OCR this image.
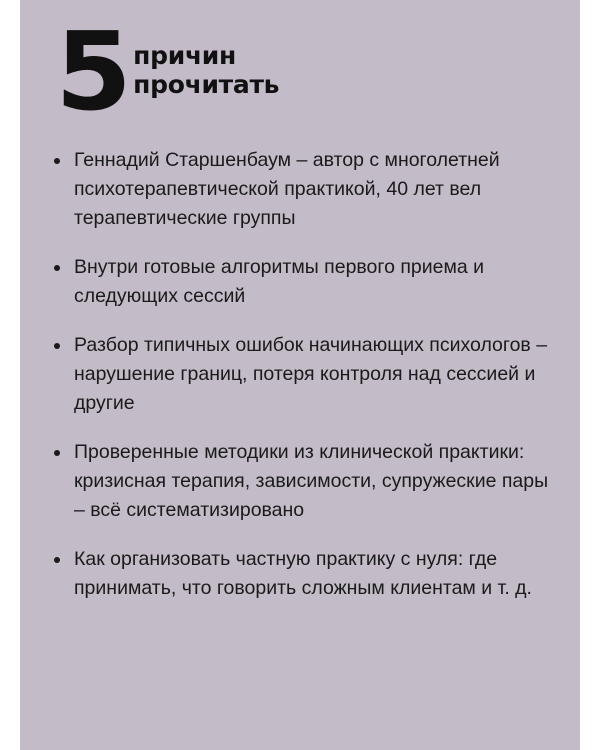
5 причин
прочитать
Геннадий Старшенбаум – автор с многолетней психотерапевтической практикой, 40 лет вел терапевтические группы
Внутри готовые алгоритмы первого приема и следующих сессий
Разбор типичных ошибок начинающих психологов – нарушение границ, потеря контроля над сессией и другие
Проверенные методики из клинической практики: кризисная терапия, зависимости, супружеские пары – всё систематизировано
Как организовать частную практику с нуля: где принимать, что говорить сложным клиентам и т. д.
